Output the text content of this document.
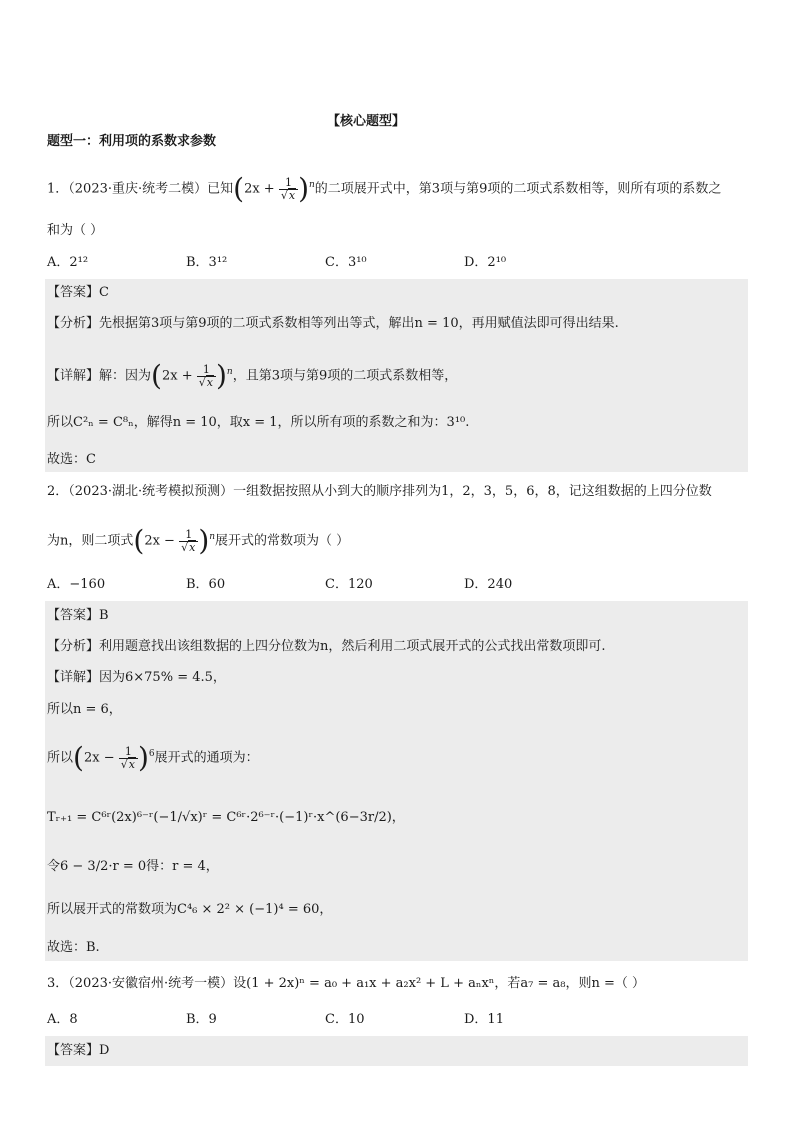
【核心题型】
题型一：利用项的系数求参数
1．（2023·重庆·统考二模）已知$(2x + \frac{1}{√x} )^n$的二项展开式中，第3项与第9项的二项式系数相等，则所有项的系数之
和为（ ）
A．2¹²	B．3¹²	C．3¹⁰	D．2¹⁰
【答案】C
【分析】先根据第3项与第9项的二项式系数相等列出等式，解出n = 10，再用赋值法即可得出结果.
【详解】解：因为$(2x + \frac{1}{√x} )^n$，且第3项与第9项的二项式系数相等，
所以C²ₙ = C⁸ₙ，解得n = 10，取x = 1，所以所有项的系数之和为：3¹⁰.
故选：C
2．（2023·湖北·统考模拟预测）一组数据按照从小到大的顺序排列为1，2，3，5，6，8，记这组数据的上四分位数
为n，则二项式$(2x - \frac{1}{√x} )^n$展开式的常数项为（ ）
A．−160	B．60	C．120	D．240
【答案】B
【分析】利用题意找出该组数据的上四分位数为n，然后利用二项式展开式的公式找出常数项即可.
【详解】因为6×75% = 4.5，
所以n = 6，
所以$(2x - \frac{1}{√x} )^6$展开式的通项为：
Tᵣ₊₁ = C⁶ʳ(2x)⁶⁻ʳ(−1/√x)ʳ = C⁶ʳ·2⁶⁻ʳ·(−1)ʳ·x^(6−3r/2)，
令6 − 3/2·r = 0得：r = 4，
所以展开式的常数项为C⁴₆ × 2² × (−1)⁴ = 60，
故选：B.
3．（2023·安徽宿州·统考一模）设(1 + 2x)ⁿ = a₀ + a₁x + a₂x² + L + aₙxⁿ，若a₇ = a₈，则n =（ ）
A．8	B．9	C．10	D．11
【答案】D
